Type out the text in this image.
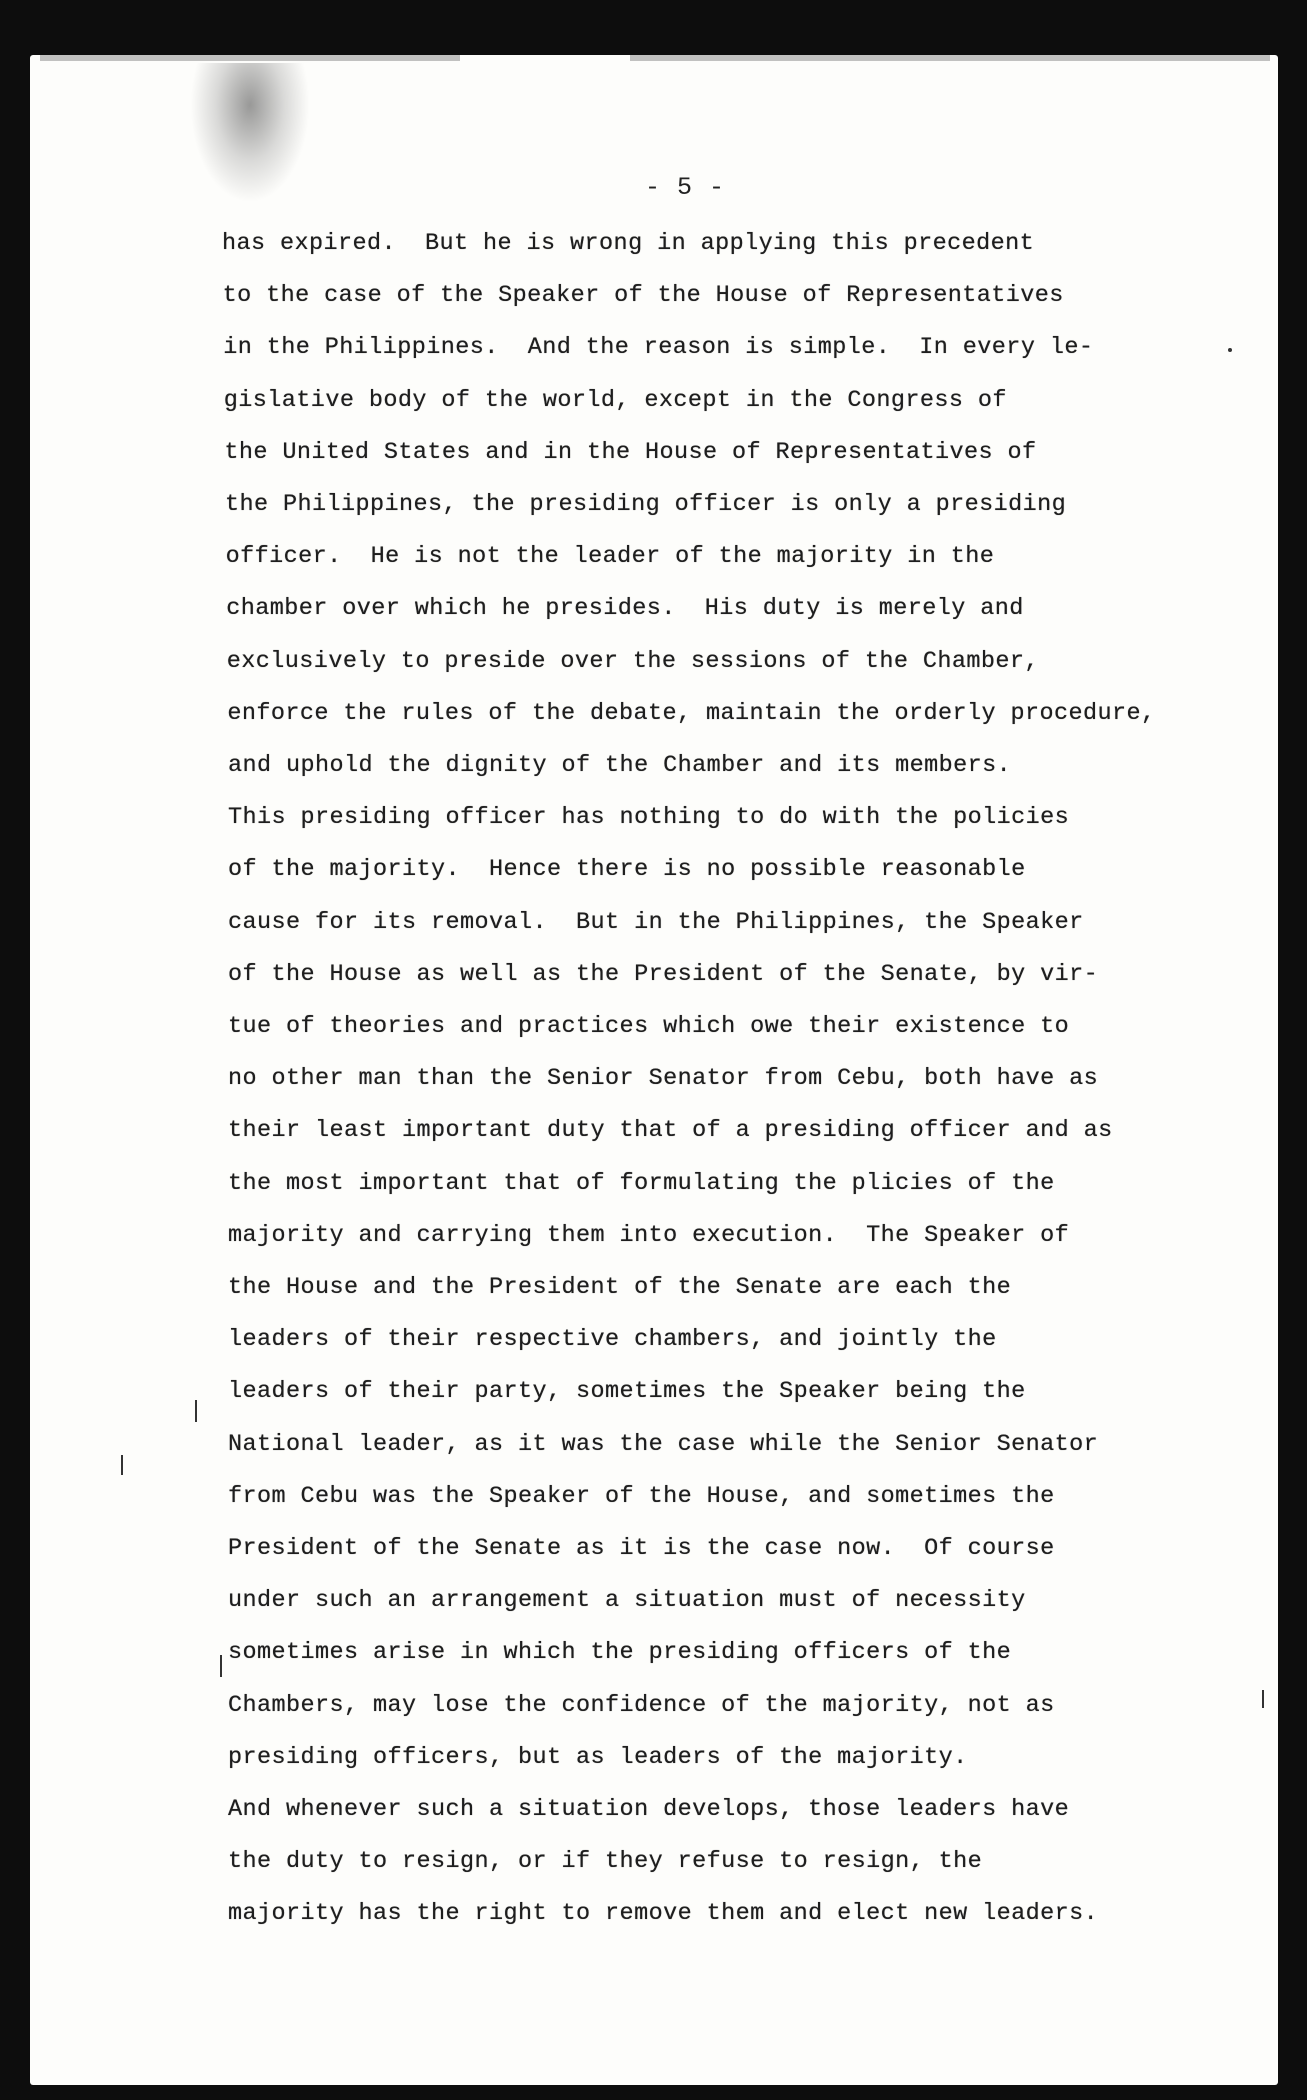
- 5 -
has expired.  But he is wrong in applying this precedent
to the case of the Speaker of the House of Representatives
in the Philippines.  And the reason is simple.  In every le-
gislative body of the world, except in the Congress of
the United States and in the House of Representatives of
the Philippines, the presiding officer is only a presiding
officer.  He is not the leader of the majority in the
chamber over which he presides.  His duty is merely and
exclusively to preside over the sessions of the Chamber,
enforce the rules of the debate, maintain the orderly procedure,
and uphold the dignity of the Chamber and its members.
This presiding officer has nothing to do with the policies
of the majority.  Hence there is no possible reasonable
cause for its removal.  But in the Philippines, the Speaker
of the House as well as the President of the Senate, by vir-
tue of theories and practices which owe their existence to
no other man than the Senior Senator from Cebu, both have as
their least important duty that of a presiding officer and as
the most important that of formulating the plicies of the
majority and carrying them into execution.  The Speaker of
the House and the President of the Senate are each the
leaders of their respective chambers, and jointly the
leaders of their party, sometimes the Speaker being the
National leader, as it was the case while the Senior Senator
from Cebu was the Speaker of the House, and sometimes the
President of the Senate as it is the case now.  Of course
under such an arrangement a situation must of necessity
sometimes arise in which the presiding officers of the
Chambers, may lose the confidence of the majority, not as
presiding officers, but as leaders of the majority.
And whenever such a situation develops, those leaders have
the duty to resign, or if they refuse to resign, the
majority has the right to remove them and elect new leaders.
